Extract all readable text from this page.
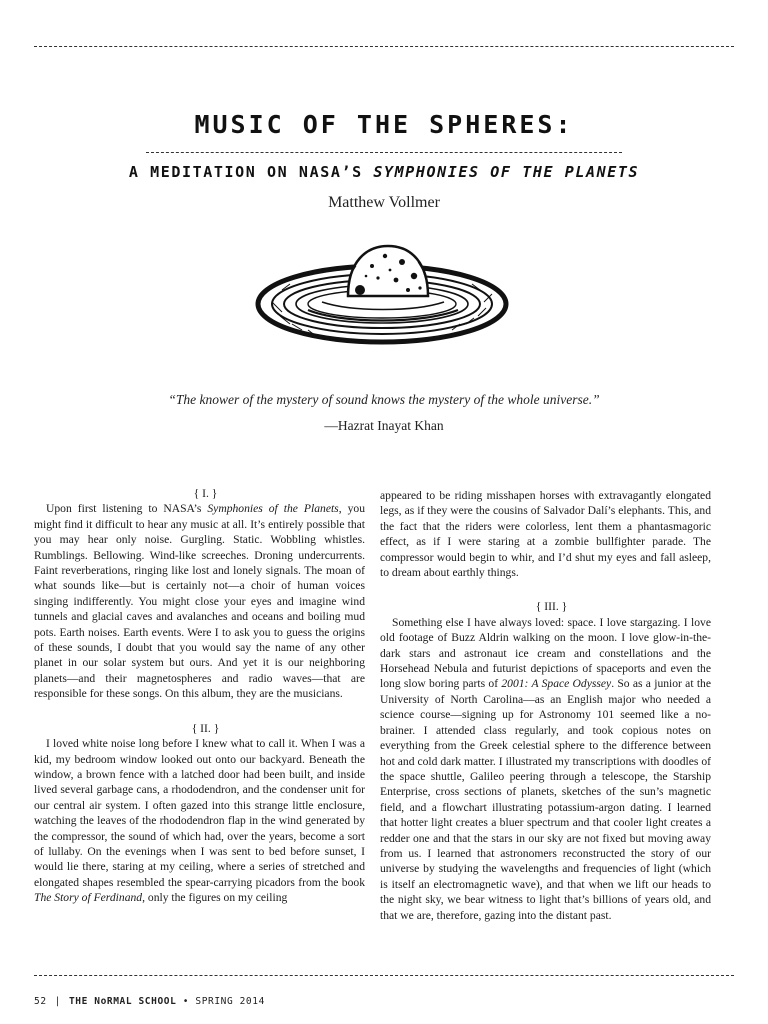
MUSIC OF THE SPHERES:
A MEDITATION ON NASA’S SYMPHONIES OF THE PLANETS
Matthew Vollmer
“The knower of the mystery of sound knows the mystery of the whole universe.”
—Hazrat Inayat Khan

{ I. }

Upon first listening to NASA’s Symphonies of the Planets, you might find it difficult to hear any music at all. It’s entirely possible that you may hear only noise. Gurgling. Static. Wobbling whistles. Rumblings. Bellowing. Wind-like screeches. Droning undercurrents. Faint reverberations, ringing like lost and lonely signals. The moan of what sounds like—but is certainly not—a choir of human voices singing indifferently. You might close your eyes and imagine wind tunnels and glacial caves and avalanches and oceans and boiling mud pots. Earth noises. Earth events. Were I to ask you to guess the origins of these sounds, I doubt that you would say the name of any other planet in our solar system but ours. And yet it is our neighboring planets—and their magnetospheres and radio waves—that are responsible for these songs. On this album, they are the musicians.

{ II. }

I loved white noise long before I knew what to call it. When I was a kid, my bedroom window looked out onto our backyard. Beneath the window, a brown fence with a latched door had been built, and inside lived several garbage cans, a rhododendron, and the condenser unit for our central air system. I often gazed into this strange little enclosure, watching the leaves of the rhododendron flap in the wind generated by the compressor, the sound of which had, over the years, become a sort of lullaby. On the evenings when I was sent to bed before sunset, I would lie there, staring at my ceiling, where a series of stretched and elongated shapes resembled the spear-carrying picadors from the book The Story of Ferdinand, only the figures on my ceiling

appeared to be riding misshapen horses with extravagantly elongated legs, as if they were the cousins of Salvador Dalí’s elephants. This, and the fact that the riders were colorless, lent them a phantasmagoric effect, as if I were staring at a zombie bullfighter parade. The compressor would begin to whir, and I’d shut my eyes and fall asleep, to dream about earthly things.

{ III. }

Something else I have always loved: space. I love stargazing. I love old footage of Buzz Aldrin walking on the moon. I love glow-in-the-dark stars and astronaut ice cream and constellations and the Horsehead Nebula and futurist depictions of spaceports and even the long slow boring parts of 2001: A Space Odyssey. So as a junior at the University of North Carolina—as an English major who needed a science course—signing up for Astronomy 101 seemed like a no-brainer. I attended class regularly, and took copious notes on everything from the Greek celestial sphere to the difference between hot and cold dark matter. I illustrated my transcriptions with doodles of the space shuttle, Galileo peering through a telescope, the Starship Enterprise, cross sections of planets, sketches of the sun’s magnetic field, and a flowchart illustrating potassium-argon dating. I learned that hotter light creates a bluer spectrum and that cooler light creates a redder one and that the stars in our sky are not fixed but moving away from us. I learned that astronomers reconstructed the story of our universe by studying the wavelengths and frequencies of light (which is itself an electromagnetic wave), and that when we lift our heads to the night sky, we bear witness to light that’s billions of years old, and that we are, therefore, gazing into the distant past.

52 | THE NoRMAL SCHOOL • SPRING 2014
